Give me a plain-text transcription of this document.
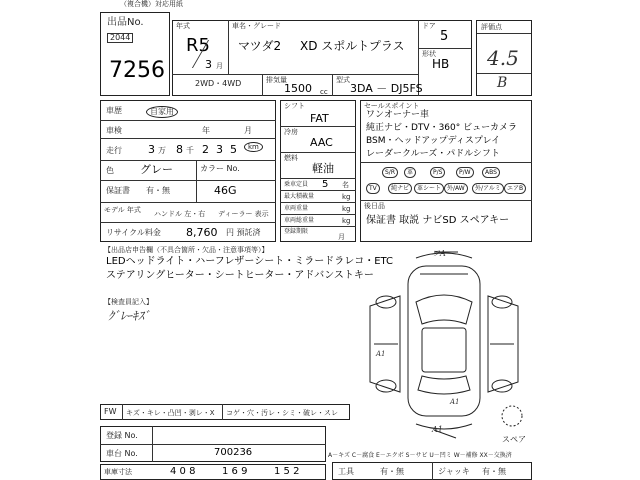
（複合機）対応用紙
出品No.
2044
7256
年式
R5
3 月
車名・グレード
マツダ2 XD スポルトプラス
ドア
5
形状
HB
2WD・4WD	排気量
1500 cc
型式
3DA － DJ5FS
評価点
4.5
B
車歴	自家用
車検	年	月
走行 3 万 8 千 2 3 5	km
色 グレー	カラー No.
46G
保証書 有・無
モデル 年式 ハンドル 左・右 ディーラー 表示
リサイクル料金 8,760 円 預託済
シフト
FAT
冷房
AAC
燃料
軽油
乗車定員 5 名
最大積載量	kg
車両重量	kg
車両総重量	kg
登録期限
月
セールスポイント
ワンオーナー車
純正ナビ・DTV・360° ビューカメラ
BSM・ヘッドアップディスプレイ
レーダークルーズ・パドルシフト
S/R	P/S	P/W	ABS
TV	純ナビ	革シート 外/AW	外/アルミ	エアB
革
後日品
保証書 取説 ナビSD スペアキー
【出品店申告欄（不具合箇所・欠品・注意事項等）】
LEDヘッドライト・ハーフレザーシート・ミラードラレコ・ETC
ステアリングヒーター・シートヒーター・アドバンストキー
【検査員記入】
ｸﾞﾚｰｷｽﾞ
フA
A1
A1
A1
スペア
FW キズ・キレ・凸凹・剥レ・X コゲ・穴・汚レ・シミ・破レ・スレ
登録 No.
車台 No.	700236
車庫寸法	4 0 8	1 6 9	1 5 2
A－キズ C－腐食 E－エクボ S－サビ U－凹ミ W－補修 XX－交換済
工具	有・無	ジャッキ 有・無
